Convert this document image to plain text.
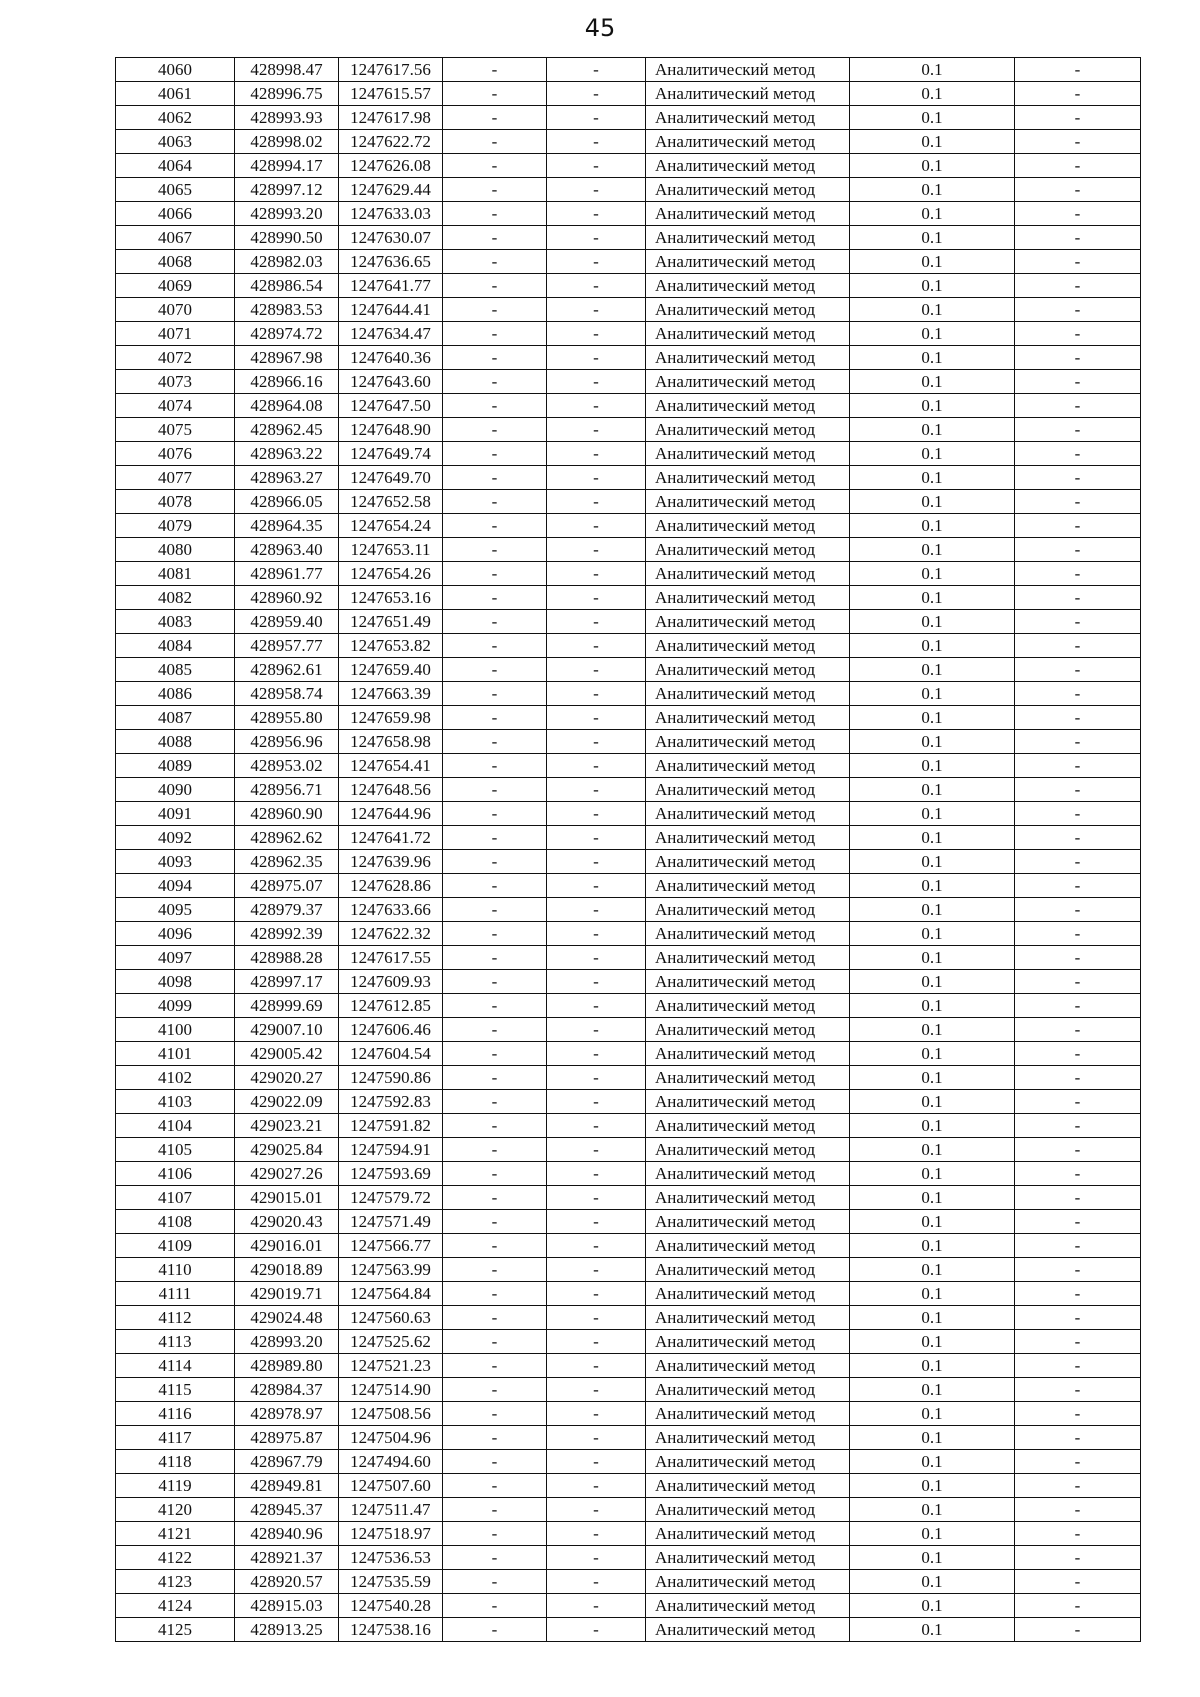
45
4060	428998.47	1247617.56	-	-	Аналитический метод	0.1	-
4061	428996.75	1247615.57	-	-	Аналитический метод	0.1	-
4062	428993.93	1247617.98	-	-	Аналитический метод	0.1	-
4063	428998.02	1247622.72	-	-	Аналитический метод	0.1	-
4064	428994.17	1247626.08	-	-	Аналитический метод	0.1	-
4065	428997.12	1247629.44	-	-	Аналитический метод	0.1	-
4066	428993.20	1247633.03	-	-	Аналитический метод	0.1	-
4067	428990.50	1247630.07	-	-	Аналитический метод	0.1	-
4068	428982.03	1247636.65	-	-	Аналитический метод	0.1	-
4069	428986.54	1247641.77	-	-	Аналитический метод	0.1	-
4070	428983.53	1247644.41	-	-	Аналитический метод	0.1	-
4071	428974.72	1247634.47	-	-	Аналитический метод	0.1	-
4072	428967.98	1247640.36	-	-	Аналитический метод	0.1	-
4073	428966.16	1247643.60	-	-	Аналитический метод	0.1	-
4074	428964.08	1247647.50	-	-	Аналитический метод	0.1	-
4075	428962.45	1247648.90	-	-	Аналитический метод	0.1	-
4076	428963.22	1247649.74	-	-	Аналитический метод	0.1	-
4077	428963.27	1247649.70	-	-	Аналитический метод	0.1	-
4078	428966.05	1247652.58	-	-	Аналитический метод	0.1	-
4079	428964.35	1247654.24	-	-	Аналитический метод	0.1	-
4080	428963.40	1247653.11	-	-	Аналитический метод	0.1	-
4081	428961.77	1247654.26	-	-	Аналитический метод	0.1	-
4082	428960.92	1247653.16	-	-	Аналитический метод	0.1	-
4083	428959.40	1247651.49	-	-	Аналитический метод	0.1	-
4084	428957.77	1247653.82	-	-	Аналитический метод	0.1	-
4085	428962.61	1247659.40	-	-	Аналитический метод	0.1	-
4086	428958.74	1247663.39	-	-	Аналитический метод	0.1	-
4087	428955.80	1247659.98	-	-	Аналитический метод	0.1	-
4088	428956.96	1247658.98	-	-	Аналитический метод	0.1	-
4089	428953.02	1247654.41	-	-	Аналитический метод	0.1	-
4090	428956.71	1247648.56	-	-	Аналитический метод	0.1	-
4091	428960.90	1247644.96	-	-	Аналитический метод	0.1	-
4092	428962.62	1247641.72	-	-	Аналитический метод	0.1	-
4093	428962.35	1247639.96	-	-	Аналитический метод	0.1	-
4094	428975.07	1247628.86	-	-	Аналитический метод	0.1	-
4095	428979.37	1247633.66	-	-	Аналитический метод	0.1	-
4096	428992.39	1247622.32	-	-	Аналитический метод	0.1	-
4097	428988.28	1247617.55	-	-	Аналитический метод	0.1	-
4098	428997.17	1247609.93	-	-	Аналитический метод	0.1	-
4099	428999.69	1247612.85	-	-	Аналитический метод	0.1	-
4100	429007.10	1247606.46	-	-	Аналитический метод	0.1	-
4101	429005.42	1247604.54	-	-	Аналитический метод	0.1	-
4102	429020.27	1247590.86	-	-	Аналитический метод	0.1	-
4103	429022.09	1247592.83	-	-	Аналитический метод	0.1	-
4104	429023.21	1247591.82	-	-	Аналитический метод	0.1	-
4105	429025.84	1247594.91	-	-	Аналитический метод	0.1	-
4106	429027.26	1247593.69	-	-	Аналитический метод	0.1	-
4107	429015.01	1247579.72	-	-	Аналитический метод	0.1	-
4108	429020.43	1247571.49	-	-	Аналитический метод	0.1	-
4109	429016.01	1247566.77	-	-	Аналитический метод	0.1	-
4110	429018.89	1247563.99	-	-	Аналитический метод	0.1	-
4111	429019.71	1247564.84	-	-	Аналитический метод	0.1	-
4112	429024.48	1247560.63	-	-	Аналитический метод	0.1	-
4113	428993.20	1247525.62	-	-	Аналитический метод	0.1	-
4114	428989.80	1247521.23	-	-	Аналитический метод	0.1	-
4115	428984.37	1247514.90	-	-	Аналитический метод	0.1	-
4116	428978.97	1247508.56	-	-	Аналитический метод	0.1	-
4117	428975.87	1247504.96	-	-	Аналитический метод	0.1	-
4118	428967.79	1247494.60	-	-	Аналитический метод	0.1	-
4119	428949.81	1247507.60	-	-	Аналитический метод	0.1	-
4120	428945.37	1247511.47	-	-	Аналитический метод	0.1	-
4121	428940.96	1247518.97	-	-	Аналитический метод	0.1	-
4122	428921.37	1247536.53	-	-	Аналитический метод	0.1	-
4123	428920.57	1247535.59	-	-	Аналитический метод	0.1	-
4124	428915.03	1247540.28	-	-	Аналитический метод	0.1	-
4125	428913.25	1247538.16	-	-	Аналитический метод	0.1	-
